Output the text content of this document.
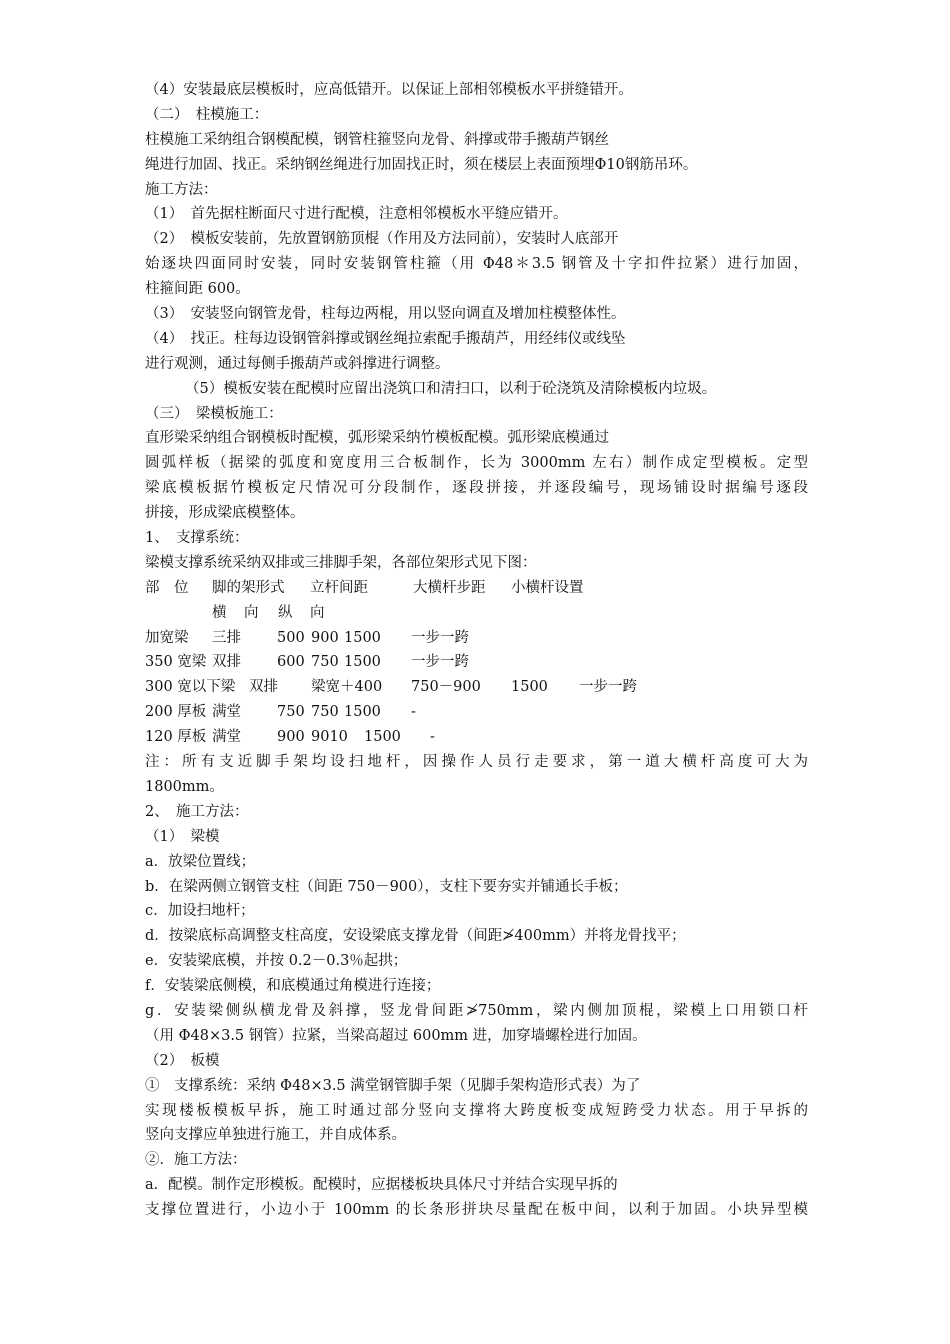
（4）安装最底层模板时，应高低错开。以保证上部相邻模板水平拼缝错开。
（二）　柱模施工：
柱模施工采纳组合钢模配模，钢管柱箍竖向龙骨、斜撑或带手搬葫芦钢丝
绳进行加固、找正。采纳钢丝绳进行加固找正时，须在楼层上表面预埋Φ10钢筋吊环。
施工方法：
（1）　首先据柱断面尺寸进行配模，注意相邻模板水平缝应错开。
（2）　模板安装前，先放置钢筋顶棍（作用及方法同前），安装时人底部开
始逐块四面同时安装，同时安装钢管柱箍（用 Φ48＊3.5 钢管及十字扣件拉紧）进行加固，
柱箍间距 600。
（3）　安装竖向钢管龙骨，柱每边两棍，用以竖向调直及增加柱模整体性。
（4）　找正。柱每边设钢管斜撑或钢丝绳拉索配手搬葫芦，用经纬仪或线坠
进行观测，通过每侧手搬葫芦或斜撑进行调整。
（5）模板安装在配模时应留出浇筑口和清扫口，以利于砼浇筑及清除模板内垃圾。
（三）　梁模板施工：
直形梁采纳组合钢模板时配模，弧形梁采纳竹模板配模。弧形梁底模通过
圆弧样板（据梁的弧度和宽度用三合板制作，长为 3000mm 左右）制作成定型模板。定型
梁底模板据竹模板定尺情况可分段制作，逐段拼接，并逐段编号，现场铺设时据编号逐段
拼接，形成梁底模整体。
1、　支撑系统：
梁模支撑系统采纳双排或三排脚手架，各部位架形式见下图：
部　位 脚的架形式 立杆间距	大横杆步距 小横杆设置
横 向 纵 向
加宽梁 三排 500 900 1500 一步一跨
350 宽梁 双排 600 750 1500 一步一跨
300 宽以下梁 双排 梁宽＋400 750－900 1500 一步一跨
200 厚板 满堂 750 750 1500 -
120 厚板 满堂 900 9010 1500 -
注：所有支近脚手架均设扫地杆，因操作人员行走要求，第一道大横杆高度可大为
1800mm。
2、　施工方法：
（1）　梁模
a．放梁位置线；
b．在梁两侧立钢管支柱（间距 750－900），支柱下要夯实并铺通长手板；
c．加设扫地杆；
d．按梁底标高调整支柱高度，安设梁底支撑龙骨（间距≯400mm）并将龙骨找平；
e．安装梁底模，并按 0.2－0.3％起拱；
f．安装梁底侧模，和底模通过角模进行连接；
g．安装梁侧纵横龙骨及斜撑，竖龙骨间距≯750mm，梁内侧加顶棍，梁模上口用锁口杆
（用 Φ48×3.5 钢管）拉紧，当梁高超过 600mm 进，加穿墙螺栓进行加固。
（2）　板模
①　支撑系统：采纳 Φ48×3.5 满堂钢管脚手架（见脚手架构造形式表）为了
实现楼板模板早拆，施工时通过部分竖向支撑将大跨度板变成短跨受力状态。用于早拆的
竖向支撑应单独进行施工，并自成体系。
②．施工方法：
a．配模。制作定形模板。配模时，应据楼板块具体尺寸并结合实现早拆的
支撑位置进行，小边小于 100mm 的长条形拼块尽量配在板中间，以利于加固。小块异型模
